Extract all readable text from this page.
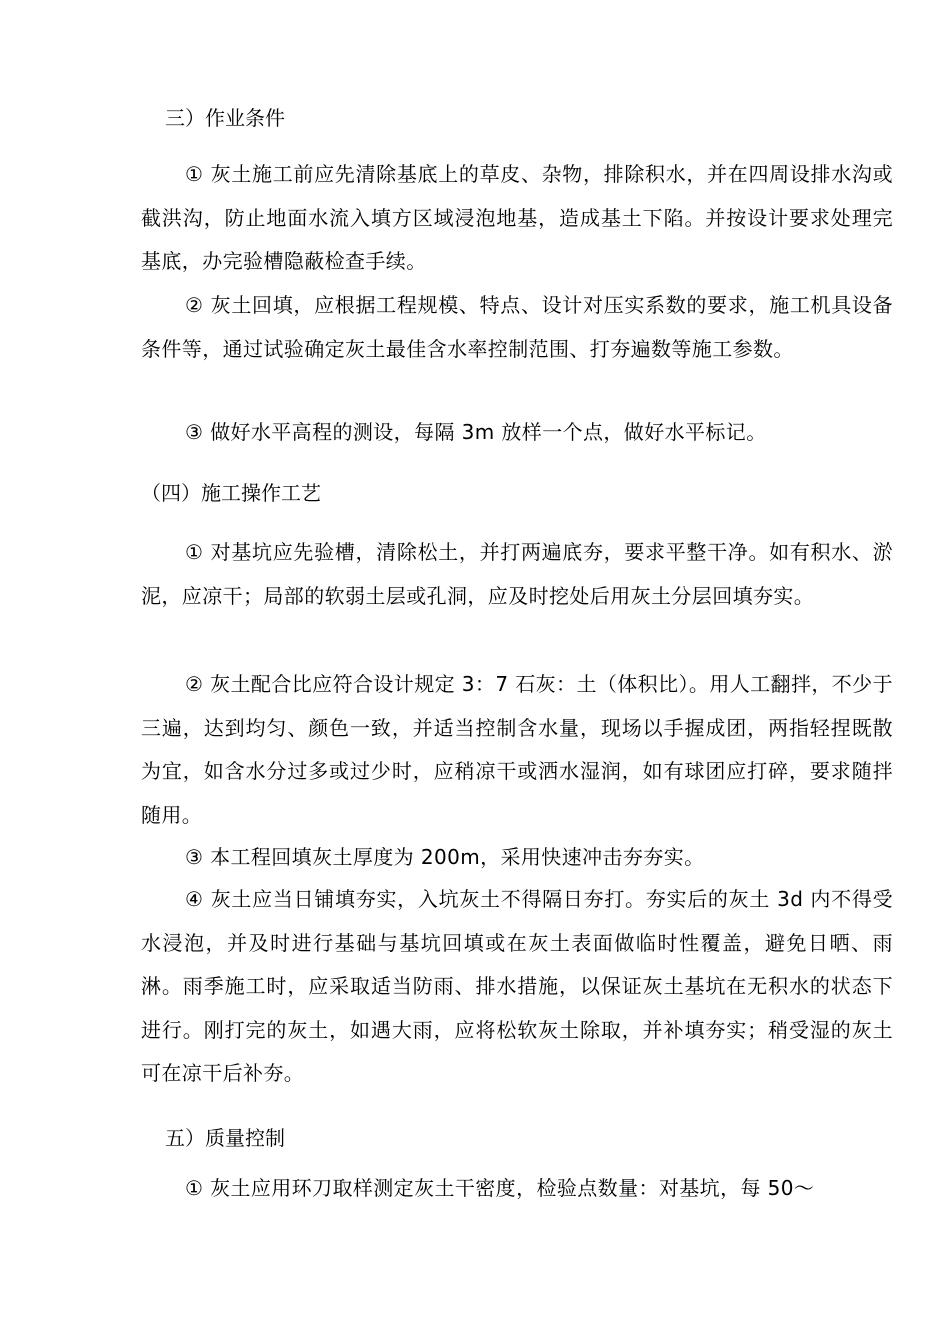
三）作业条件

① 灰土施工前应先清除基底上的草皮、杂物，排除积水，并在四周设排水沟或截洪沟，防止地面水流入填方区域浸泡地基，造成基土下陷。并按设计要求处理完基底，办完验槽隐蔽检查手续。

② 灰土回填，应根据工程规模、特点、设计对压实系数的要求，施工机具设备条件等，通过试验确定灰土最佳含水率控制范围、打夯遍数等施工参数。

③ 做好水平高程的测设，每隔 3m 放样一个点，做好水平标记。

（四）施工操作工艺

① 对基坑应先验槽，清除松土，并打两遍底夯，要求平整干净。如有积水、淤泥，应凉干；局部的软弱土层或孔洞，应及时挖处后用灰土分层回填夯实。

② 灰土配合比应符合设计规定 3：7 石灰：土（体积比）。用人工翻拌，不少于三遍，达到均匀、颜色一致，并适当控制含水量，现场以手握成团，两指轻捏既散为宜，如含水分过多或过少时，应稍凉干或洒水湿润，如有球团应打碎，要求随拌随用。

③ 本工程回填灰土厚度为 200m，采用快速冲击夯夯实。

④ 灰土应当日铺填夯实，入坑灰土不得隔日夯打。夯实后的灰土 3d 内不得受水浸泡，并及时进行基础与基坑回填或在灰土表面做临时性覆盖，避免日晒、雨淋。雨季施工时，应采取适当防雨、排水措施，以保证灰土基坑在无积水的状态下进行。刚打完的灰土，如遇大雨，应将松软灰土除取，并补填夯实；稍受湿的灰土可在凉干后补夯。

五）质量控制

① 灰土应用环刀取样测定灰土干密度，检验点数量：对基坑，每 50～
